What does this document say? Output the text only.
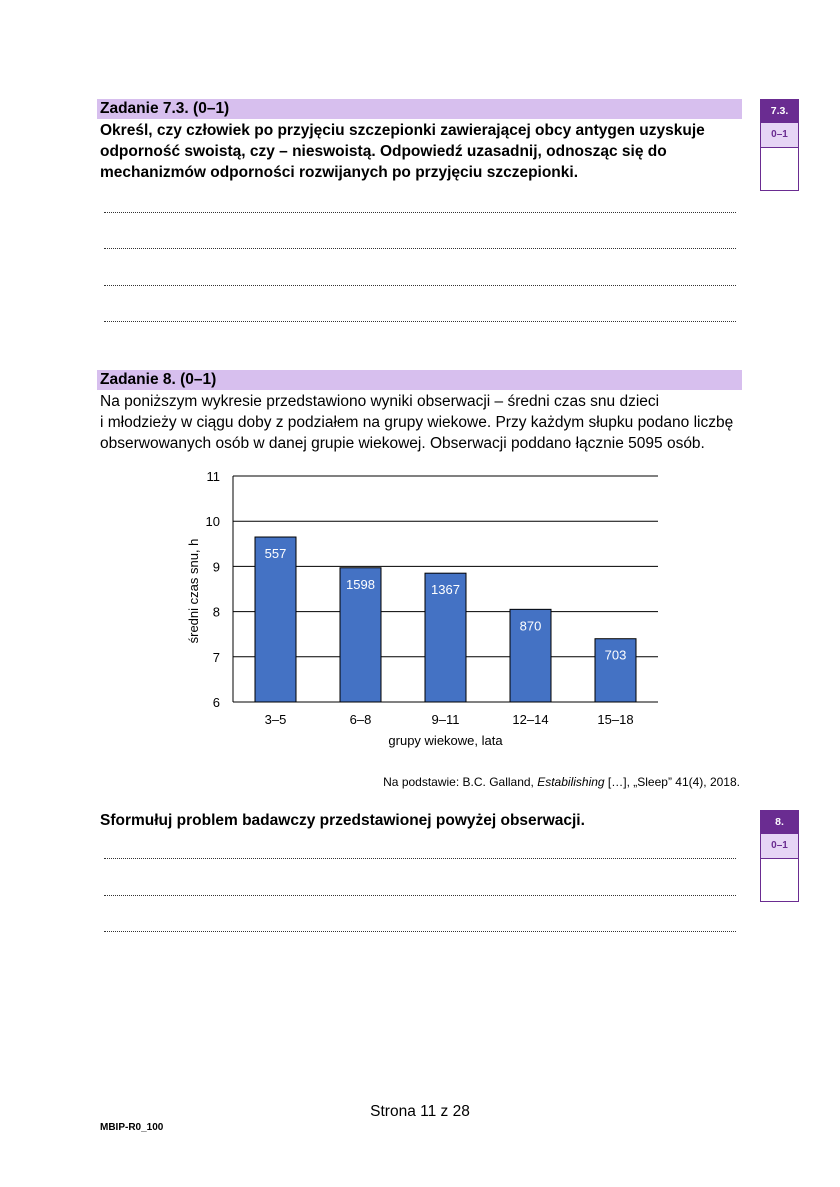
Zadanie 7.3. (0–1)
Określ, czy człowiek po przyjęciu szczepionki zawierającej obcy antygen uzyskuje
odporność swoistą, czy – nieswoistą. Odpowiedź uzasadnij, odnosząc się do
mechanizmów odporności rozwijanych po przyjęciu szczepionki.
7.3.
0–1
Zadanie 8. (0–1)
Na poniższym wykresie przedstawiono wyniki obserwacji – średni czas snu dzieci
i młodzieży w ciągu doby z podziałem na grupy wiekowe. Przy każdym słupku podano liczbę
obserwowanych osób w danej grupie wiekowej. Obserwacji poddano łącznie 5095 osób.
6
7
8
9
10
11
557
3–5
1598
6–8
1367
9–11
870
12–14
703
15–18
grupy wiekowe, lata
średni czas snu, h
Na podstawie: B.C. Galland, Estabilishing […], „Sleep” 41(4), 2018.
Sformułuj problem badawczy przedstawionej powyżej obserwacji.	8.
0–1
Strona 11 z 28
MBIP-R0_100
